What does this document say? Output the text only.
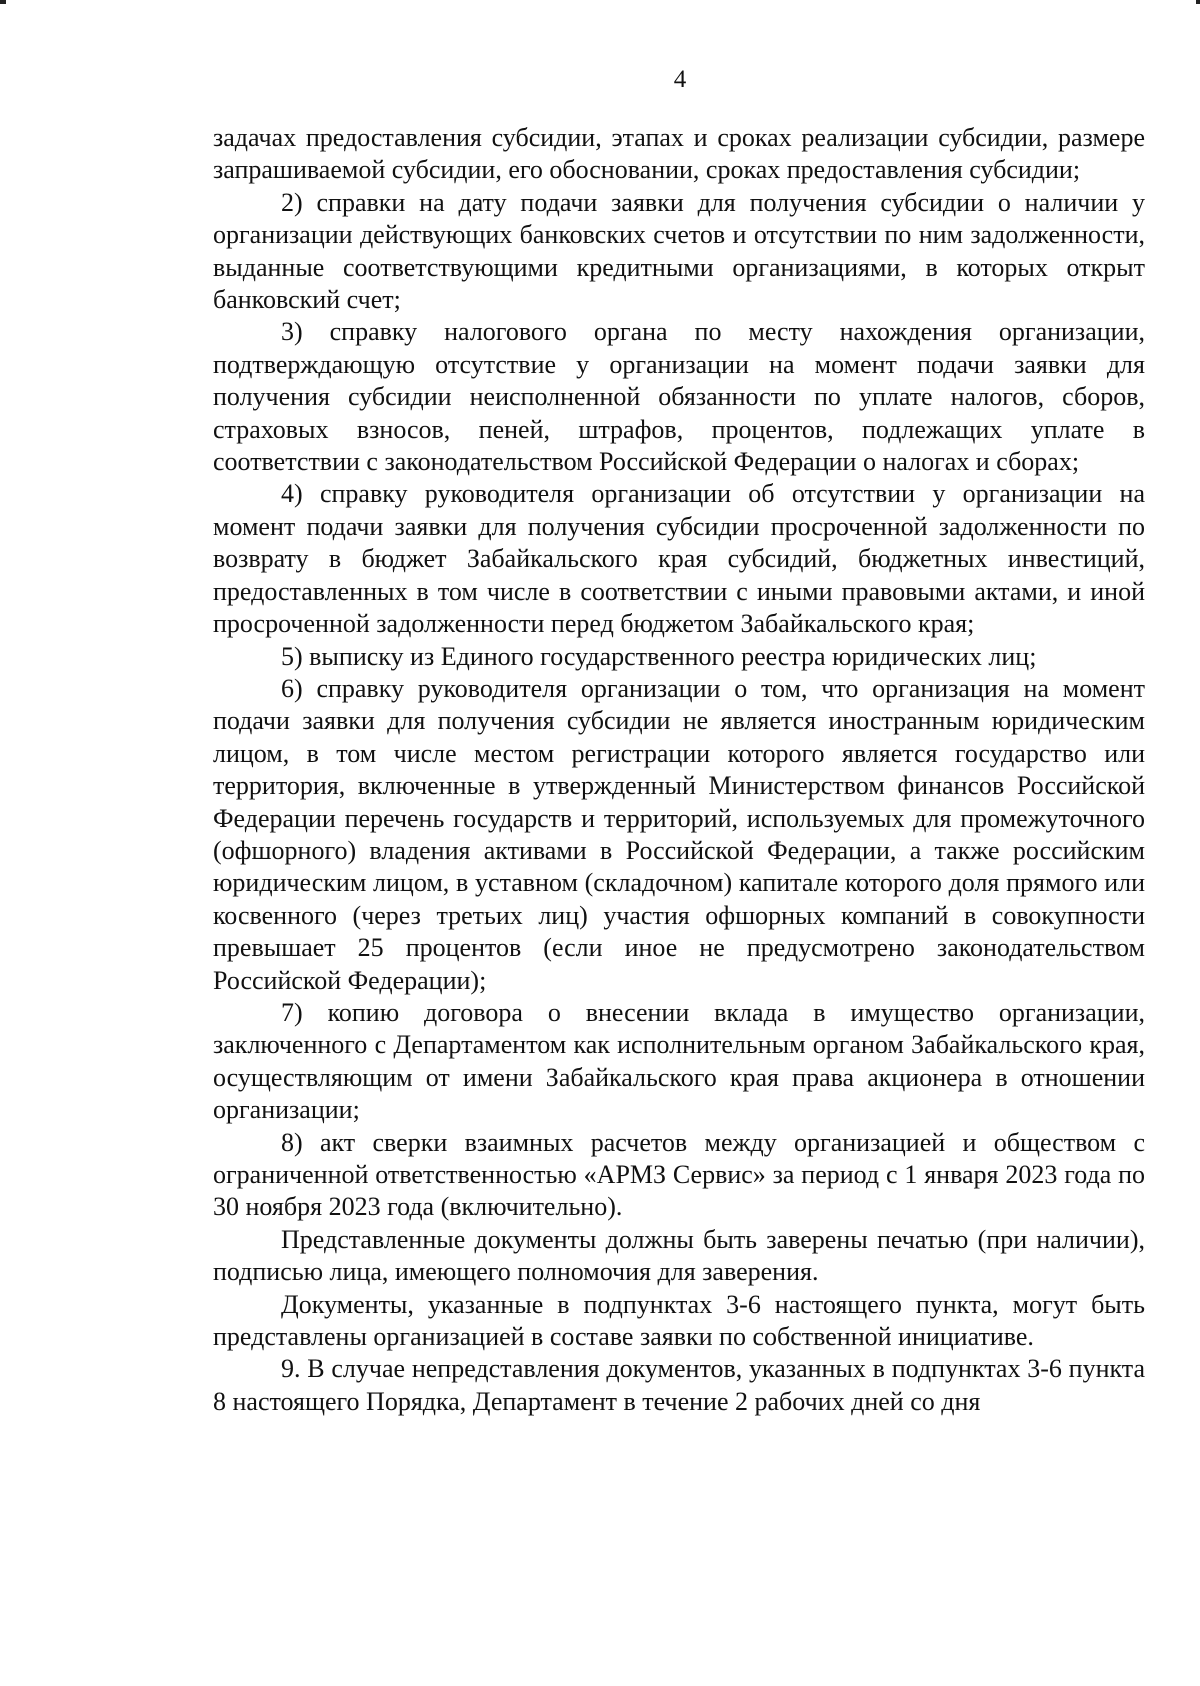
4

задачах предоставления субсидии, этапах и сроках реализации субсидии, размере запрашиваемой субсидии, его обосновании, сроках предоставления субсидии;

2) справки на дату подачи заявки для получения субсидии о наличии у организации действующих банковских счетов и отсутствии по ним задолженности, выданные соответствующими кредитными организациями, в которых открыт банковский счет;

3) справку налогового органа по месту нахождения организации, подтверждающую отсутствие у организации на момент подачи заявки для получения субсидии неисполненной обязанности по уплате налогов, сборов, страховых взносов, пеней, штрафов, процентов, подлежащих уплате в соответствии с законодательством Российской Федерации о налогах и сборах;

4) справку руководителя организации об отсутствии у организации на момент подачи заявки для получения субсидии просроченной задолженности по возврату в бюджет Забайкальского края субсидий, бюджетных инвестиций, предоставленных в том числе в соответствии с иными правовыми актами, и иной просроченной задолженности перед бюджетом Забайкальского края;

5) выписку из Единого государственного реестра юридических лиц;

6) справку руководителя организации о том, что организация на момент подачи заявки для получения субсидии не является иностранным юридическим лицом, в том числе местом регистрации которого является государство или территория, включенные в утвержденный Министерством финансов Российской Федерации перечень государств и территорий, используемых для промежуточного (офшорного) владения активами в Российской Федерации, а также российским юридическим лицом, в уставном (складочном) капитале которого доля прямого или косвенного (через третьих лиц) участия офшорных компаний в совокупности превышает 25 процентов (если иное не предусмотрено законодательством Российской Федерации);

7) копию договора о внесении вклада в имущество организации, заключенного с Департаментом как исполнительным органом Забайкальского края, осуществляющим от имени Забайкальского края права акционера в отношении организации;

8) акт сверки взаимных расчетов между организацией и обществом с ограниченной ответственностью «АРМЗ Сервис» за период с 1 января 2023 года по 30 ноября 2023 года (включительно).

Представленные документы должны быть заверены печатью (при наличии), подписью лица, имеющего полномочия для заверения.

Документы, указанные в подпунктах 3-6 настоящего пункта, могут быть представлены организацией в составе заявки по собственной инициативе.

9. В случае непредставления документов, указанных в подпунктах 3-6 пункта 8 настоящего Порядка, Департамент в течение 2 рабочих дней со дня
